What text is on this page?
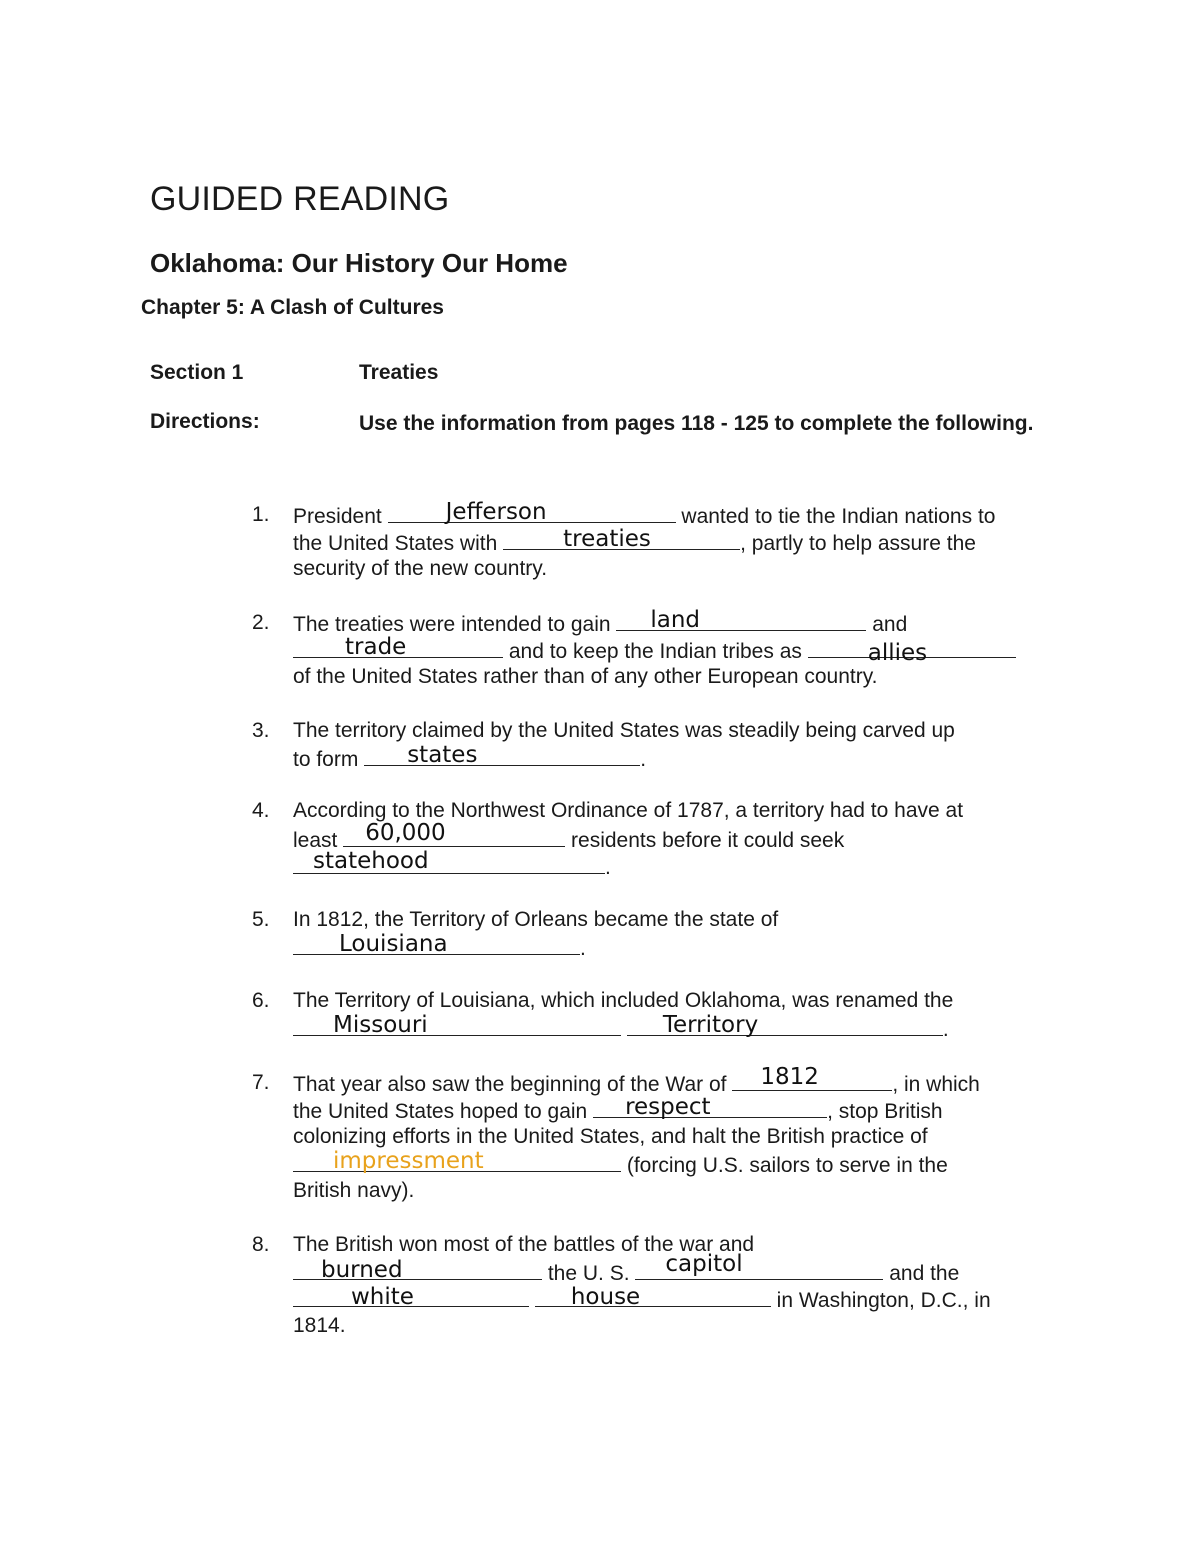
GUIDED READING
Oklahoma: Our History Our Home
Chapter 5: A Clash of Cultures
Section 1	Treaties
Directions:	Use the information from pages 118 - 125 to complete the following.
1. President	Jefferson	wanted to tie the Indian nations to
the United States with	treaties	, partly to help assure the
security of the new country.
2. The treaties were intended to gain land	and
trade	and to keep the Indian tribes as	allies
of the United States rather than of any other European country.
3. The territory claimed by the United States was steadily being carved up
to form states	.
4. According to the Northwest Ordinance of 1787, a territory had to have at
least 60,000	residents before it could seek
statehood	.
5. In 1812, the Territory of Orleans became the state of
Louisiana	.
6. The Territory of Louisiana, which included Oklahoma, was renamed the
Missouri
	Territory	.
7. That year also saw the beginning of the War of 1812	, in which
the United States hoped to gain respect	, stop British
colonizing efforts in the United States, and halt the British practice of
impressment	(forcing U.S. sailors to serve in the
British navy).
8. The British won most of the battles of the war and
burned	the U. S. capitol	and the
white
	house	in Washington, D.C., in
1814.
